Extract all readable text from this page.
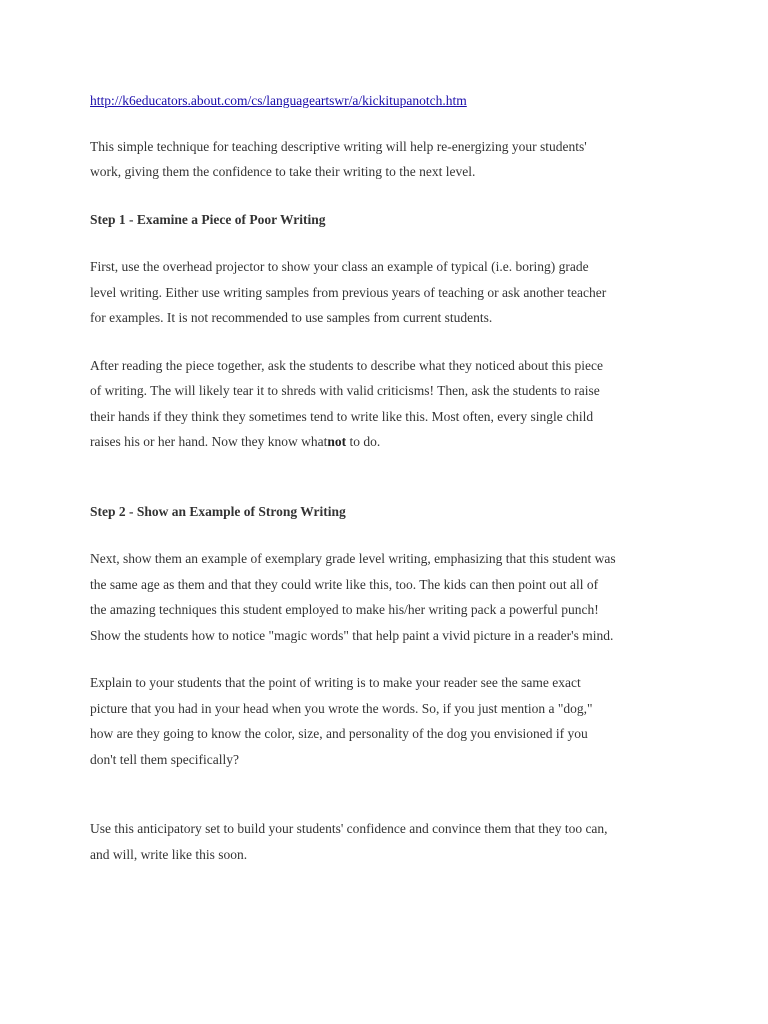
http://k6educators.about.com/cs/languageartswr/a/kickitupanotch.htm

This simple technique for teaching descriptive writing will help re-energizing your students'
work, giving them the confidence to take their writing to the next level.

Step 1 - Examine a Piece of Poor Writing

First, use the overhead projector to show your class an example of typical (i.e. boring) grade
level writing. Either use writing samples from previous years of teaching or ask another teacher
for examples. It is not recommended to use samples from current students.

After reading the piece together, ask the students to describe what they noticed about this piece
of writing. The will likely tear it to shreds with valid criticisms! Then, ask the students to raise
their hands if they think they sometimes tend to write like this. Most often, every single child
raises his or her hand. Now they know whatnot to do.

Step 2 - Show an Example of Strong Writing

Next, show them an example of exemplary grade level writing, emphasizing that this student was
the same age as them and that they could write like this, too. The kids can then point out all of
the amazing techniques this student employed to make his/her writing pack a powerful punch!
Show the students how to notice "magic words" that help paint a vivid picture in a reader's mind.

Explain to your students that the point of writing is to make your reader see the same exact
picture that you had in your head when you wrote the words. So, if you just mention a "dog,"
how are they going to know the color, size, and personality of the dog you envisioned if you
don't tell them specifically?

Use this anticipatory set to build your students' confidence and convince them that they too can,
and will, write like this soon.
